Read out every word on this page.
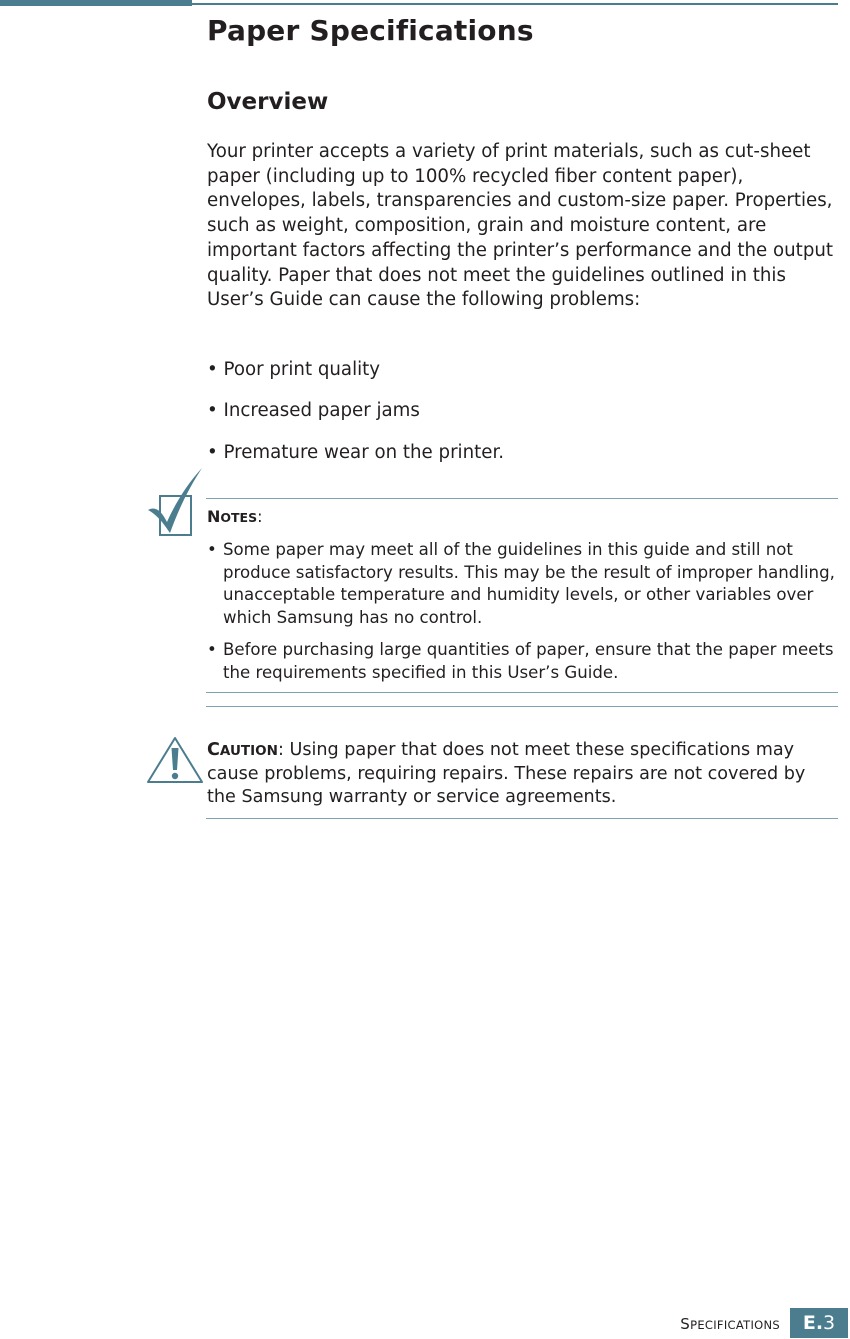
Paper Specifications
Overview

Your printer accepts a variety of print materials, such as cut-sheet paper (including up to 100% recycled fiber content paper), envelopes, labels, transparencies and custom-size paper. Properties, such as weight, composition, grain and moisture content, are important factors affecting the printer’s performance and the output quality. Paper that does not meet the guidelines outlined in this User’s Guide can cause the following problems:

• Poor print quality

• Increased paper jams

• Premature wear on the printer.

NOTES:

• Some paper may meet all of the guidelines in this guide and still not produce satisfactory results. This may be the result of improper handling, unacceptable temperature and humidity levels, or other variables over which Samsung has no control.

• Before purchasing large quantities of paper, ensure that the paper meets the requirements specified in this User’s Guide.

CAUTION: Using paper that does not meet these specifications may cause problems, requiring repairs. These repairs are not covered by the Samsung warranty or service agreements.

SPECIFICATIONS	E.3
